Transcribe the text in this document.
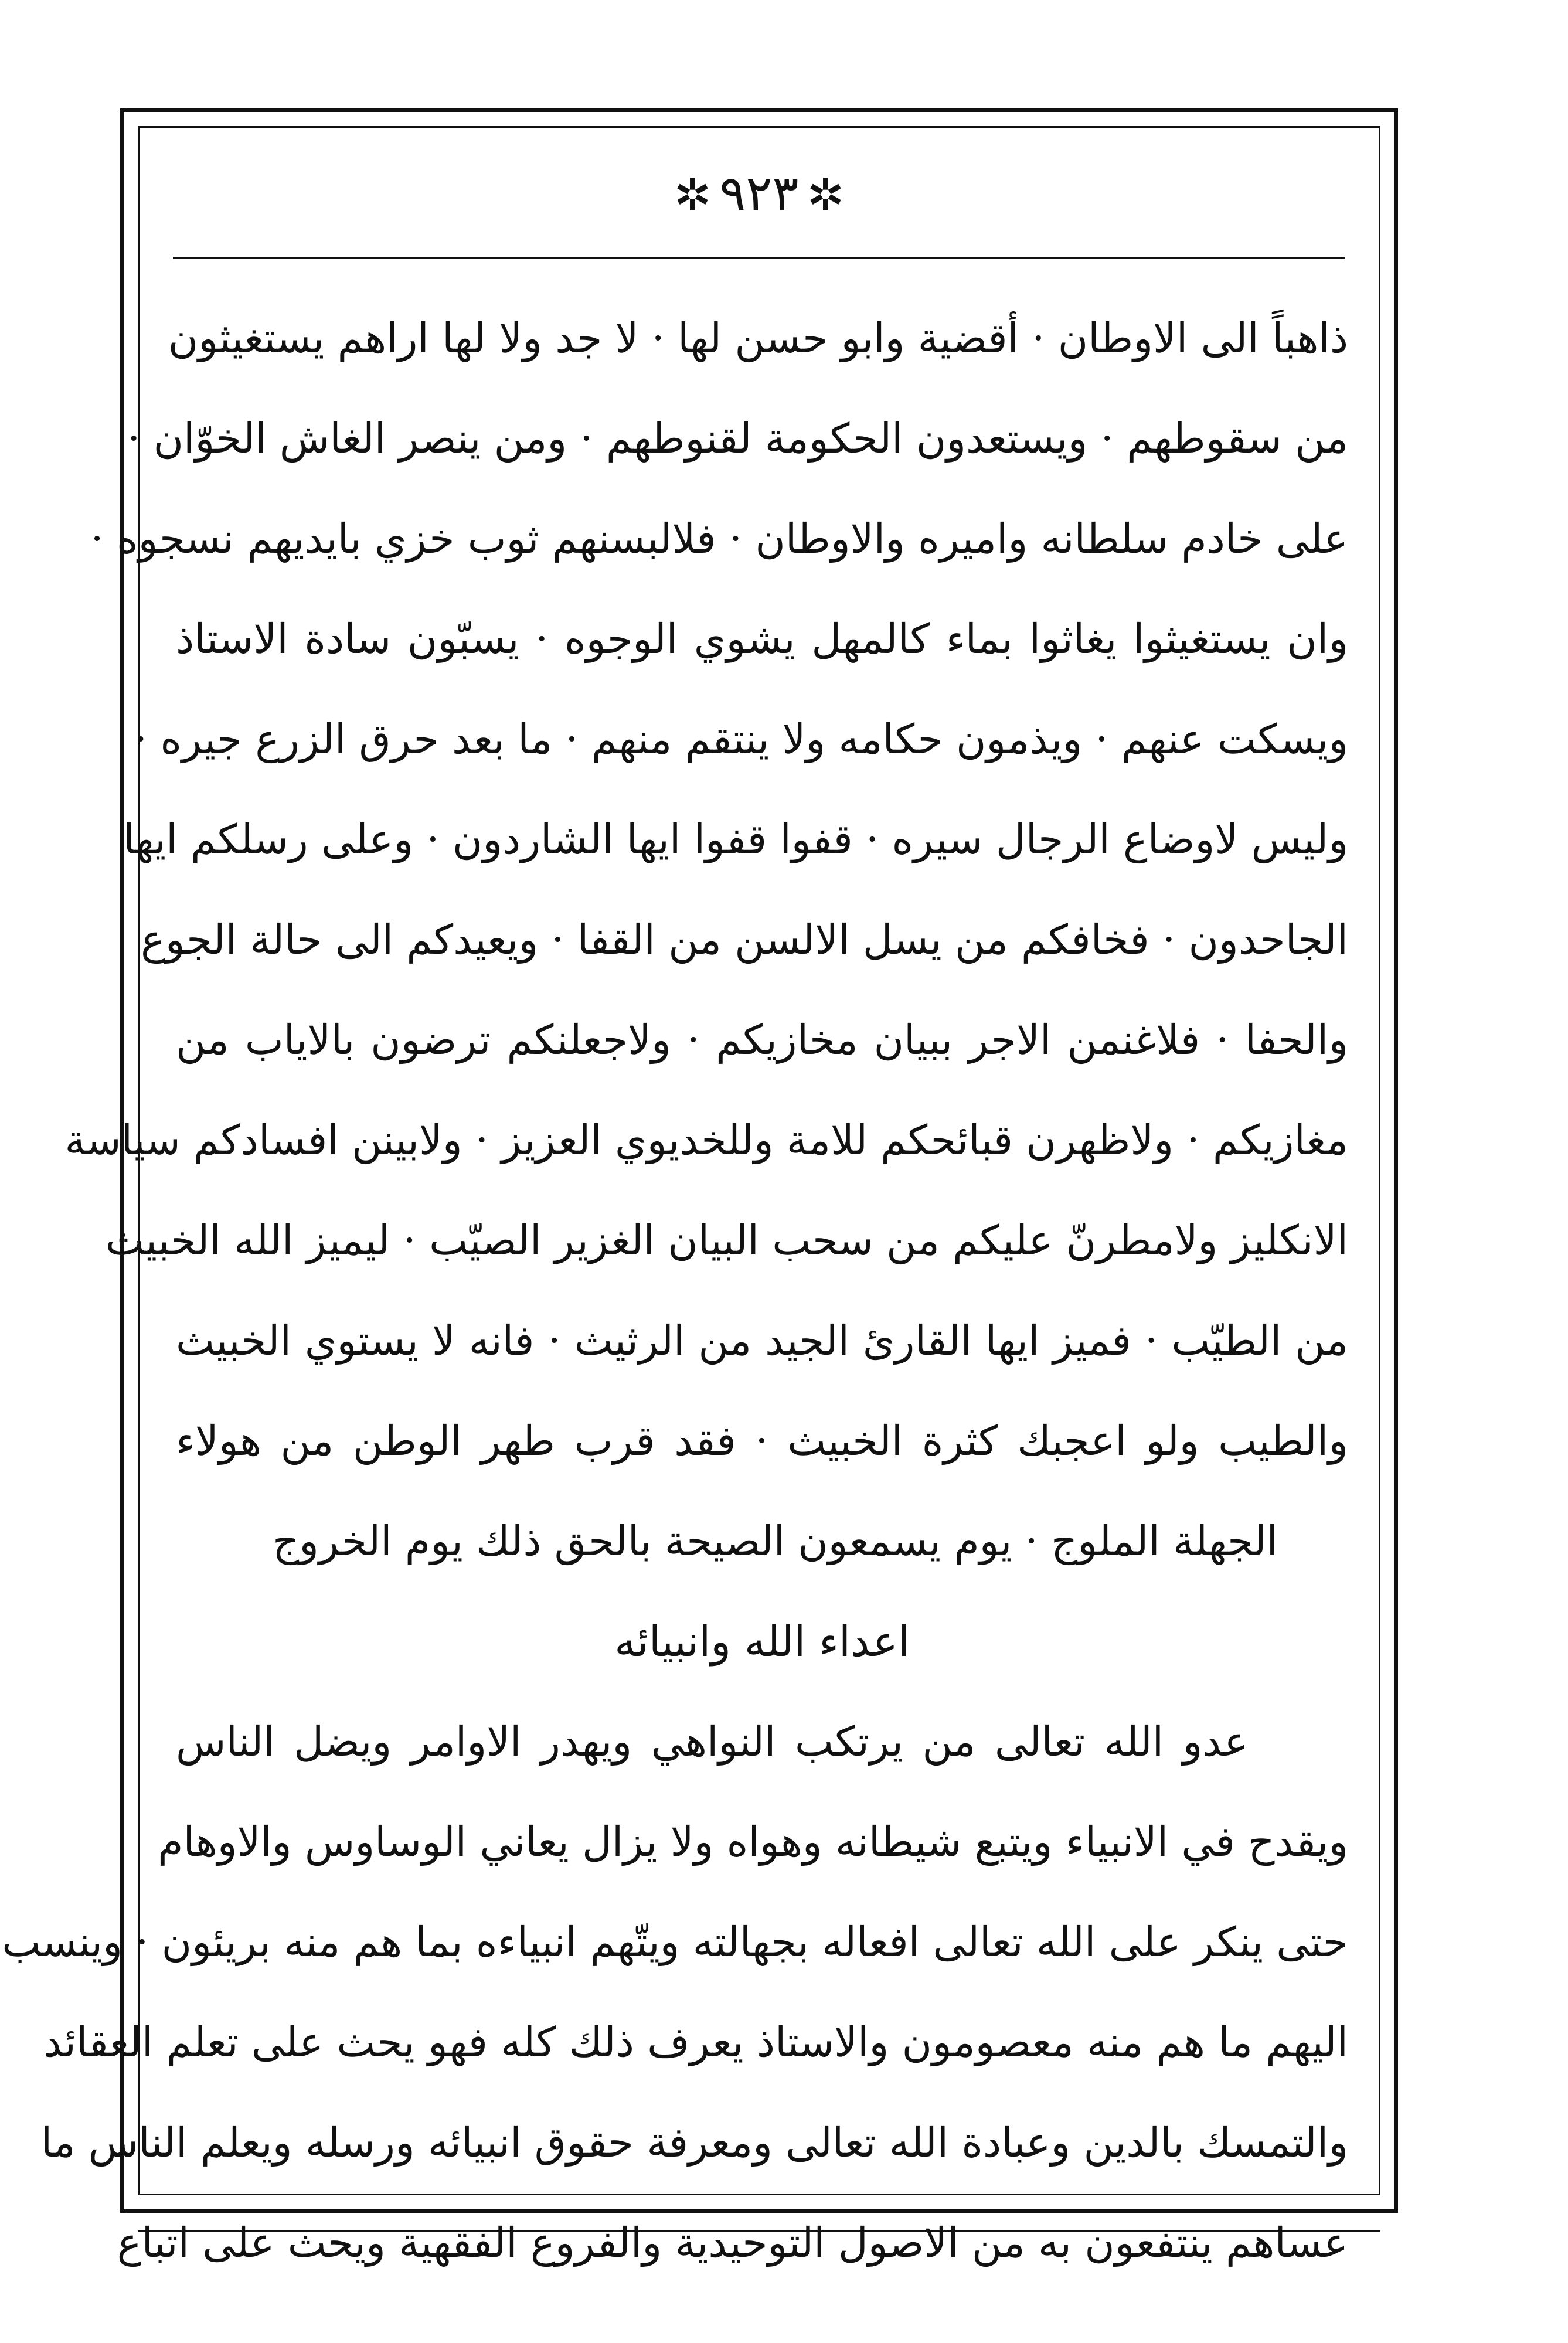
✲٩٢٣✲
ذاهباً الى الاوطان · أقضية وابو حسن لها · لا جد ولا لها اراهم يستغيثون
من سقوطهم · ويستعدون الحكومة لقنوطهم · ومن ينصر الغاش الخوّان ·
على خادم سلطانه واميره والاوطان · فلالبسنهم ثوب خزي بايديهم نسجوه ·
وان يستغيثوا يغاثوا بماء كالمهل يشوي الوجوه · يسبّون سادة الاستاذ
ويسكت عنهم · ويذمون حكامه ولا ينتقم منهم · ما بعد حرق الزرع جيره ·
وليس لاوضاع الرجال سيره · قفوا قفوا ايها الشاردون · وعلى رسلكم ايها
الجاحدون · فخافكم من يسل الالسن من القفا · ويعيدكم الى حالة الجوع
والحفا · فلاغنمن الاجر ببيان مخازيكم · ولاجعلنكم ترضون بالاياب من
مغازيكم · ولاظهرن قبائحكم للامة وللخديوي العزيز · ولابينن افسادكم سياسة
الانكليز ولامطرنّ عليكم من سحب البيان الغزير الصيّب · ليميز الله الخبيث
من الطيّب · فميز ايها القارئ الجيد من الرثيث · فانه لا يستوي الخبيث
والطيب ولو اعجبك كثرة الخبيث · فقد قرب طهر الوطن من هولاء
الجهلة الملوج · يوم يسمعون الصيحة بالحق ذلك يوم الخروج
اعداء الله وانبيائه
عدو الله تعالى من يرتكب النواهي ويهدر الاوامر ويضل الناس
ويقدح في الانبياء ويتبع شيطانه وهواه ولا يزال يعاني الوساوس والاوهام
حتى ينكر على الله تعالى افعاله بجهالته ويتّهم انبياءه بما هم منه بريئون · وينسب
اليهم ما هم منه معصومون والاستاذ يعرف ذلك كله فهو يحث على تعلم العقائد
والتمسك بالدين وعبادة الله تعالى ومعرفة حقوق انبيائه ورسله ويعلم الناس ما
عساهم ينتفعون به من الاصول التوحيدية والفروع الفقهية ويحث على اتباع
